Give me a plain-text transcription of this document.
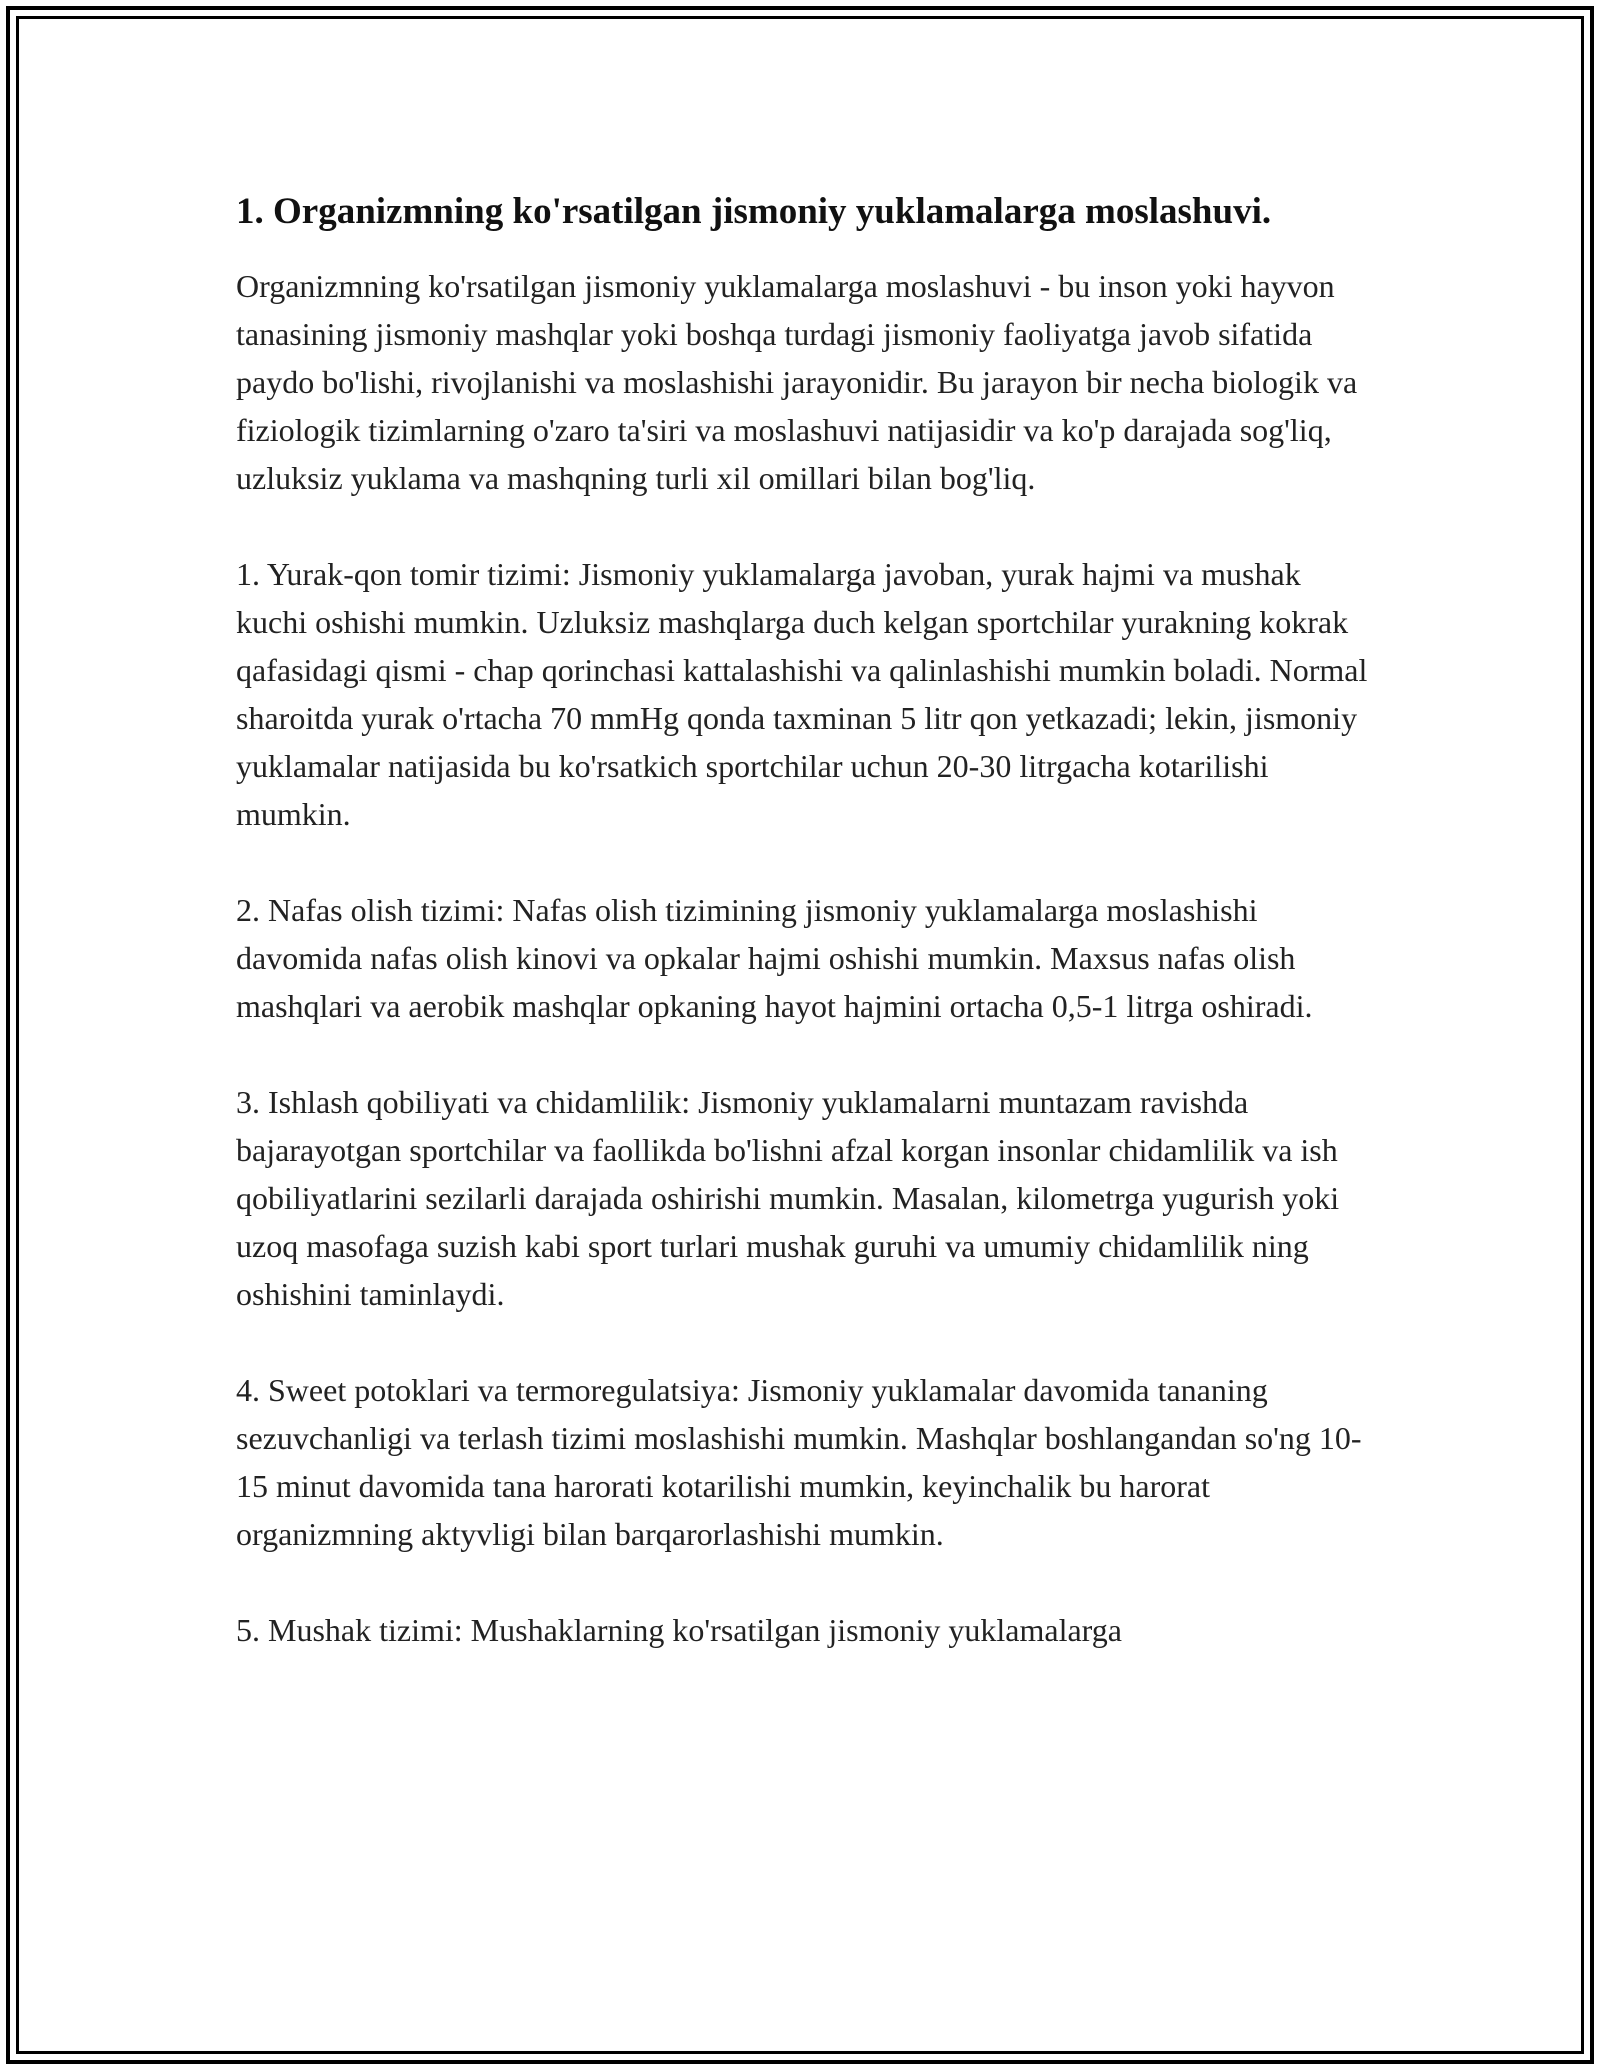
1. Organizmning ko'rsatilgan jismoniy yuklamalarga moslashuvi.

Organizmning ko'rsatilgan jismoniy yuklamalarga moslashuvi - bu inson yoki hayvon tanasining jismoniy mashqlar yoki boshqa turdagi jismoniy faoliyatga javob sifatida paydo bo'lishi, rivojlanishi va moslashishi jarayonidir. Bu jarayon bir necha biologik va fiziologik tizimlarning o'zaro ta'siri va moslashuvi natijasidir va ko'p darajada sog'liq, uzluksiz yuklama va mashqning turli xil omillari bilan bog'liq.

1. Yurak-qon tomir tizimi: Jismoniy yuklamalarga javoban, yurak hajmi va mushak kuchi oshishi mumkin. Uzluksiz mashqlarga duch kelgan sportchilar yurakning kokrak qafasidagi qismi - chap qorinchasi kattalashishi va qalinlashishi mumkin boladi. Normal sharoitda yurak o'rtacha 70 mmHg qonda taxminan 5 litr qon yetkazadi; lekin, jismoniy yuklamalar natijasida bu ko'rsatkich sportchilar uchun 20-30 litrgacha kotarilishi mumkin.

2. Nafas olish tizimi: Nafas olish tizimining jismoniy yuklamalarga moslashishi davomida nafas olish kinovi va opkalar hajmi oshishi mumkin. Maxsus nafas olish mashqlari va aerobik mashqlar opkaning hayot hajmini ortacha 0,5-1 litrga oshiradi.

3. Ishlash qobiliyati va chidamlilik: Jismoniy yuklamalarni muntazam ravishda bajarayotgan sportchilar va faollikda bo'lishni afzal korgan insonlar chidamlilik va ish qobiliyatlarini sezilarli darajada oshirishi mumkin. Masalan, kilometrga yugurish yoki uzoq masofaga suzish kabi sport turlari mushak guruhi va umumiy chidamlilik ning oshishini taminlaydi.

4. Sweet potoklari va termoregulatsiya: Jismoniy yuklamalar davomida tananing sezuvchanligi va terlash tizimi moslashishi mumkin. Mashqlar boshlangandan so'ng 10-15 minut davomida tana harorati kotarilishi mumkin, keyinchalik bu harorat organizmning aktyvligi bilan barqarorlashishi mumkin.

5. Mushak tizimi: Mushaklarning ko'rsatilgan jismoniy yuklamalarga
